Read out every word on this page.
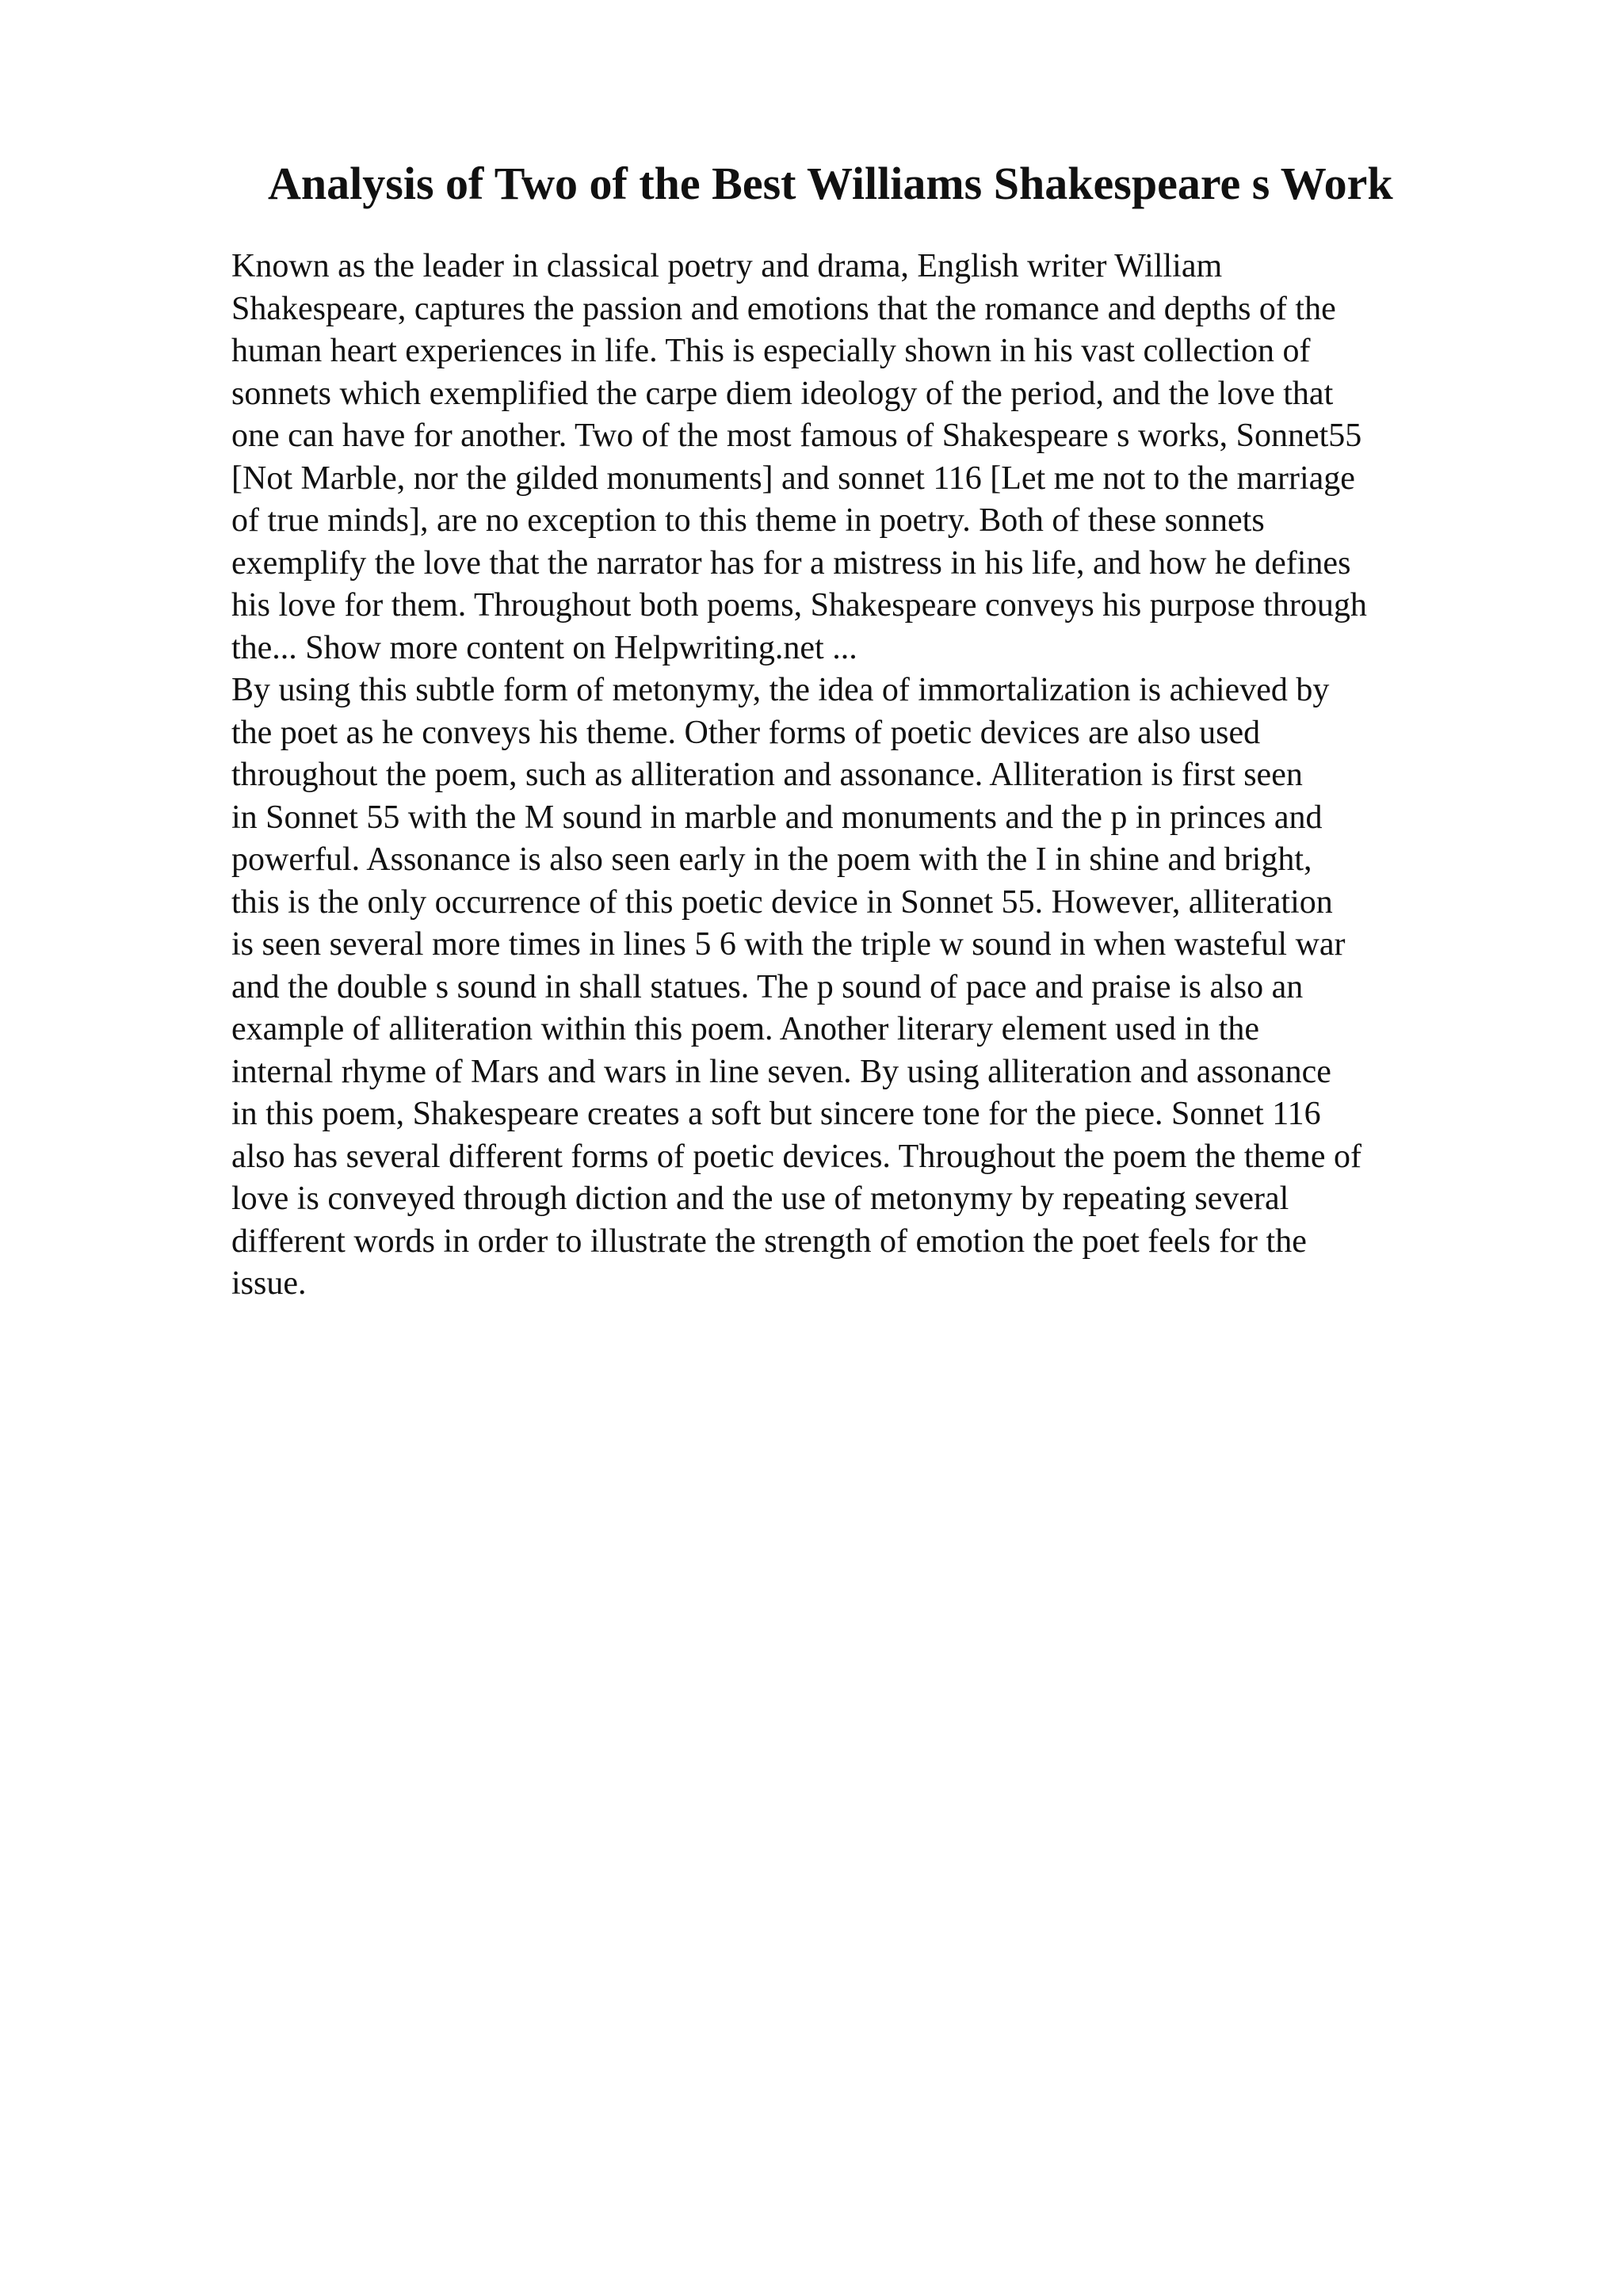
Analysis of Two of the Best Williams Shakespeare s Work
Known as the leader in classical poetry and drama, English writer William
Shakespeare, captures the passion and emotions that the romance and depths of the
human heart experiences in life. This is especially shown in his vast collection of
sonnets which exemplified the carpe diem ideology of the period, and the love that
one can have for another. Two of the most famous of Shakespeare s works, Sonnet55
[Not Marble, nor the gilded monuments] and sonnet 116 [Let me not to the marriage
of true minds], are no exception to this theme in poetry. Both of these sonnets
exemplify the love that the narrator has for a mistress in his life, and how he defines
his love for them. Throughout both poems, Shakespeare conveys his purpose through
the... Show more content on Helpwriting.net ...
By using this subtle form of metonymy, the idea of immortalization is achieved by
the poet as he conveys his theme. Other forms of poetic devices are also used
throughout the poem, such as alliteration and assonance. Alliteration is first seen
in Sonnet 55 with the M sound in marble and monuments and the p in princes and
powerful. Assonance is also seen early in the poem with the I in shine and bright,
this is the only occurrence of this poetic device in Sonnet 55. However, alliteration
is seen several more times in lines 5 6 with the triple w sound in when wasteful war
and the double s sound in shall statues. The p sound of pace and praise is also an
example of alliteration within this poem. Another literary element used in the
internal rhyme of Mars and wars in line seven. By using alliteration and assonance
in this poem, Shakespeare creates a soft but sincere tone for the piece. Sonnet 116
also has several different forms of poetic devices. Throughout the poem the theme of
love is conveyed through diction and the use of metonymy by repeating several
different words in order to illustrate the strength of emotion the poet feels for the
issue.
